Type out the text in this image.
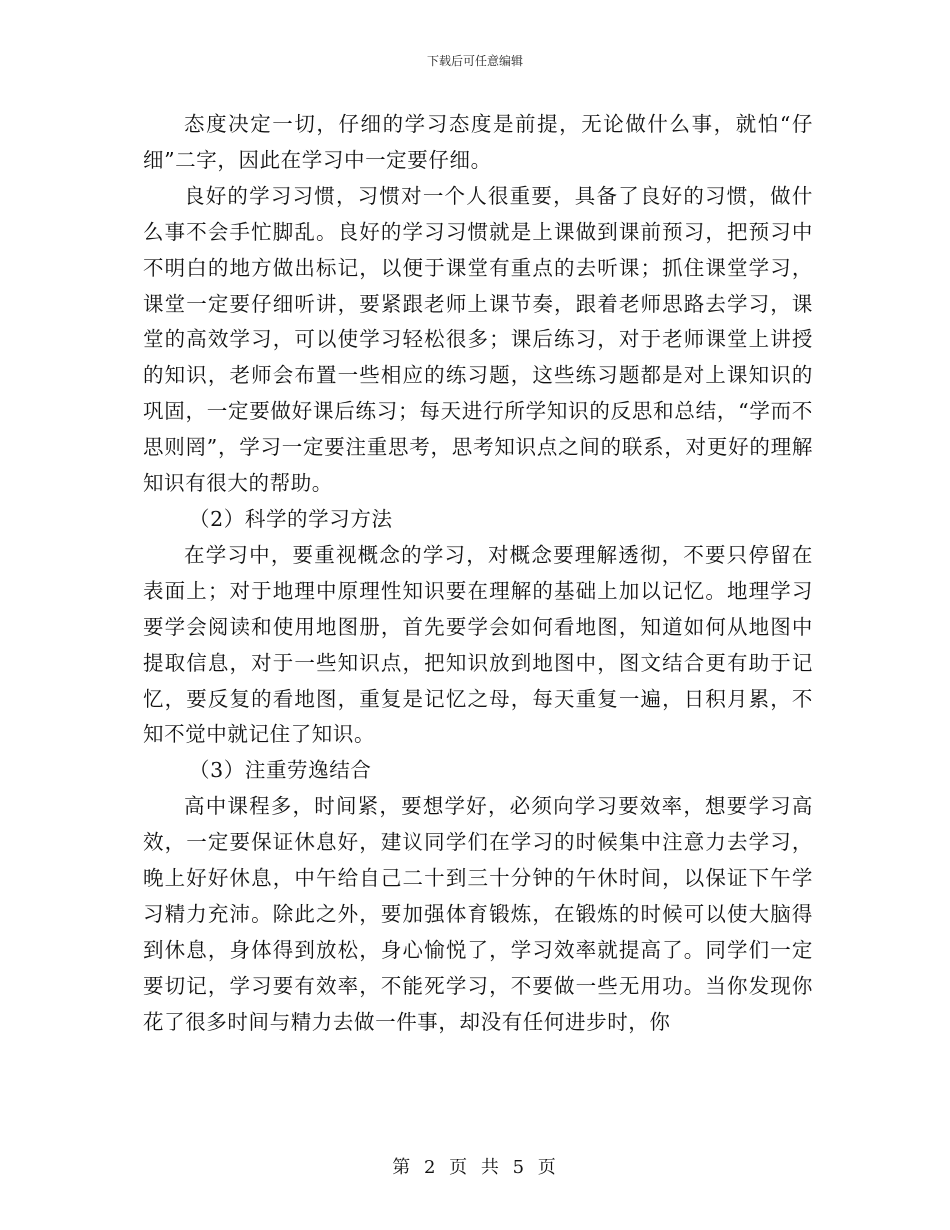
下载后可任意编辑

态度决定一切，仔细的学习态度是前提，无论做什么事，就怕“仔细”二字，因此在学习中一定要仔细。

良好的学习习惯，习惯对一个人很重要，具备了良好的习惯，做什么事不会手忙脚乱。良好的学习习惯就是上课做到课前预习，把预习中不明白的地方做出标记，以便于课堂有重点的去听课；抓住课堂学习，课堂一定要仔细听讲，要紧跟老师上课节奏，跟着老师思路去学习，课堂的高效学习，可以使学习轻松很多；课后练习，对于老师课堂上讲授的知识，老师会布置一些相应的练习题，这些练习题都是对上课知识的巩固，一定要做好课后练习；每天进行所学知识的反思和总结，“学而不思则罔”，学习一定要注重思考，思考知识点之间的联系，对更好的理解知识有很大的帮助。

（2）科学的学习方法

在学习中，要重视概念的学习，对概念要理解透彻，不要只停留在表面上；对于地理中原理性知识要在理解的基础上加以记忆。地理学习要学会阅读和使用地图册，首先要学会如何看地图，知道如何从地图中提取信息，对于一些知识点，把知识放到地图中，图文结合更有助于记忆，要反复的看地图，重复是记忆之母，每天重复一遍，日积月累，不知不觉中就记住了知识。

（3）注重劳逸结合

高中课程多，时间紧，要想学好，必须向学习要效率，想要学习高效，一定要保证休息好，建议同学们在学习的时候集中注意力去学习，晚上好好休息，中午给自己二十到三十分钟的午休时间，以保证下午学习精力充沛。除此之外，要加强体育锻炼，在锻炼的时候可以使大脑得到休息，身体得到放松，身心愉悦了，学习效率就提高了。同学们一定要切记，学习要有效率，不能死学习，不要做一些无用功。当你发现你花了很多时间与精力去做一件事，却没有任何进步时，你

第 2 页 共 5 页
